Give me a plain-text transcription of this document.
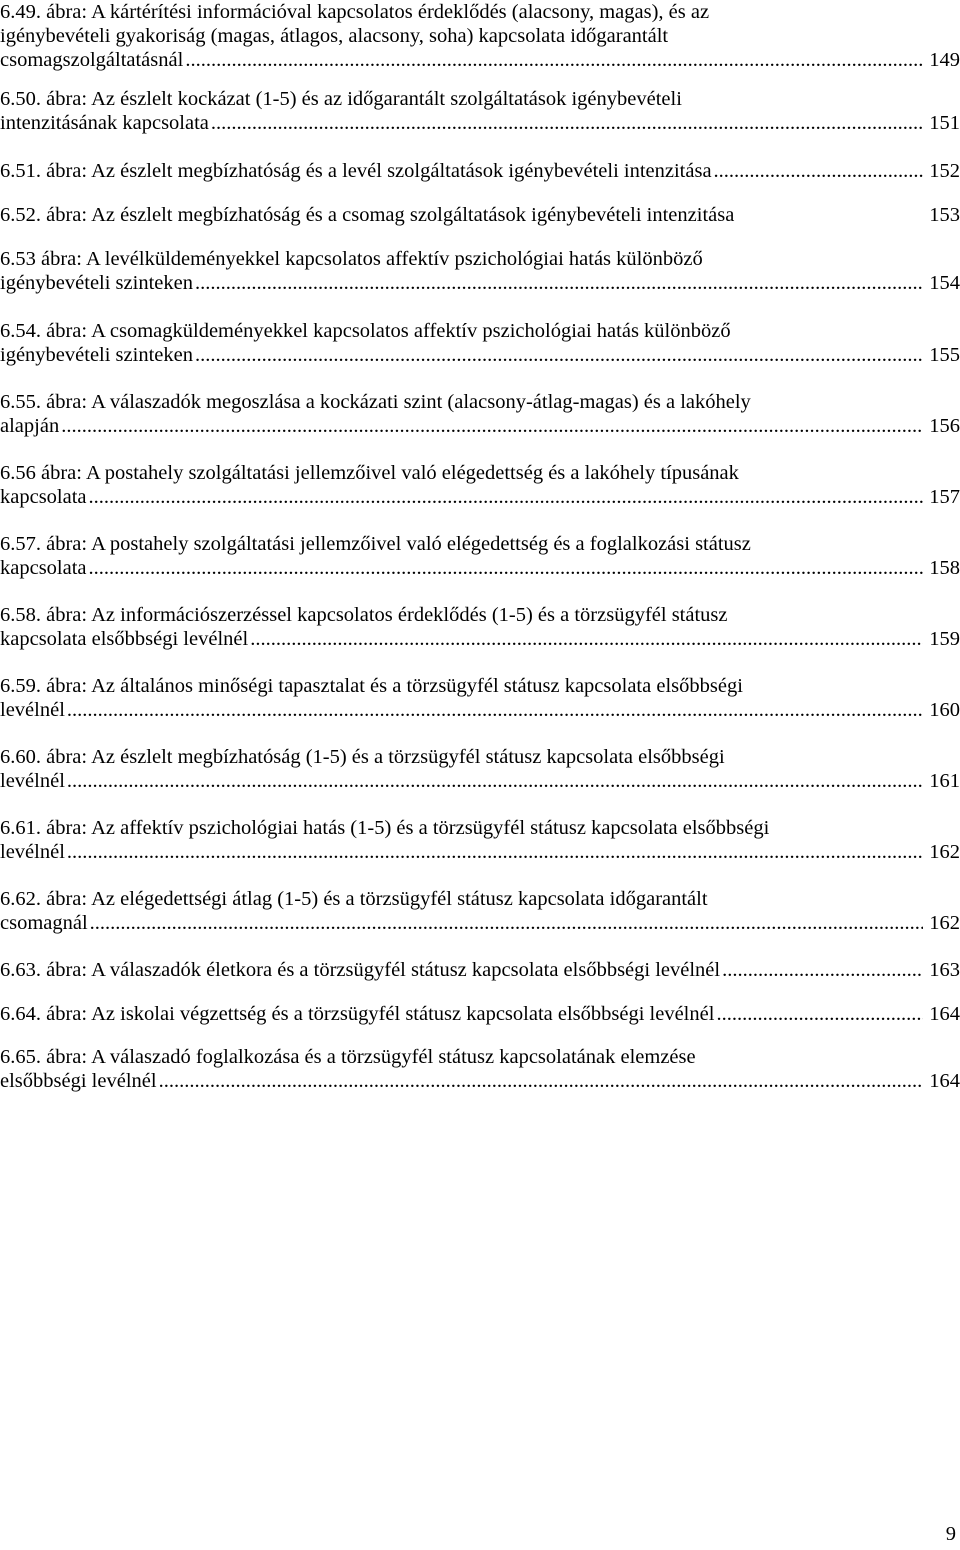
6.49. ábra: A kártérítési információval kapcsolatos érdeklődés (alacsony, magas), és az
igénybevételi gyakoriság (magas, átlagos, alacsony, soha) kapcsolata időgarantált
csomagszolgáltatásnál .....	149
6.50. ábra: Az észlelt kockázat (1-5) és az időgarantált szolgáltatások igénybevételi
intenzitásának kapcsolata .....	151
6.51. ábra: Az észlelt megbízhatóság és a levél szolgáltatások igénybevételi intenzitása .....	152
6.52. ábra: Az észlelt megbízhatóság és a csomag szolgáltatások igénybevételi intenzitása	153
6.53 ábra: A levélküldeményekkel kapcsolatos affektív pszichológiai hatás különböző
igénybevételi szinteken .....	154
6.54. ábra: A csomagküldeményekkel kapcsolatos affektív pszichológiai hatás különböző
igénybevételi szinteken .....	155
6.55. ábra: A válaszadók megoszlása a kockázati szint (alacsony-átlag-magas) és a lakóhely
alapján .....	156
6.56 ábra: A postahely szolgáltatási jellemzőivel való elégedettség és a lakóhely típusának
kapcsolata .....	157
6.57. ábra: A postahely szolgáltatási jellemzőivel való elégedettség és a foglalkozási státusz
kapcsolata .....	158
6.58. ábra: Az információszerzéssel kapcsolatos érdeklődés (1-5) és a törzsügyfél státusz
kapcsolata elsőbbségi levélnél .....	159
6.59. ábra: Az általános minőségi tapasztalat és a törzsügyfél státusz kapcsolata elsőbbségi
levélnél .....	160
6.60. ábra: Az észlelt megbízhatóság (1-5) és a törzsügyfél státusz kapcsolata elsőbbségi
levélnél .....	161
6.61. ábra: Az affektív pszichológiai hatás (1-5) és a törzsügyfél státusz kapcsolata elsőbbségi
levélnél .....	162
6.62. ábra: Az elégedettségi átlag (1-5) és a törzsügyfél státusz kapcsolata időgarantált
csomagnál .....	162
6.63. ábra: A válaszadók életkora és a törzsügyfél státusz kapcsolata elsőbbségi levélnél .....	163
6.64. ábra: Az iskolai végzettség és a törzsügyfél státusz kapcsolata elsőbbségi levélnél .....	164
6.65. ábra: A válaszadó foglalkozása és a törzsügyfél státusz kapcsolatának elemzése
elsőbbségi levélnél .....	164
9
